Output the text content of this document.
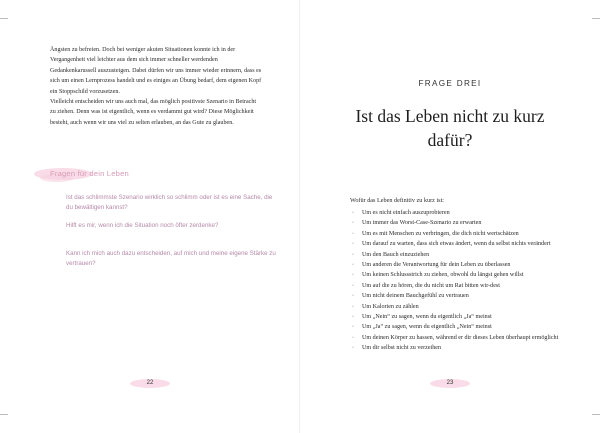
Ängsten zu befreien. Doch bei weniger akuten Situationen konnte ich in der Vergangenheit viel leichter aus dem sich immer schneller werdenden Gedankenkarussell auszusteigen. Dabei dürfen wir uns immer wieder erinnern, dass es sich um einen Lernprozess handelt und es einiges an Übung bedarf, dem eigenen Kopf ein Stoppschild vorzusetzen.

Vielleicht entscheiden wir uns auch mal, das möglich positivste Szenario in Betracht zu ziehen. Denn was ist eigentlich, wenn es verdammt gut wird? Diese Möglichkeit besteht, auch wenn wir uns viel zu selten erlauben, an das Gute zu glauben.

Fragen für dein Leben
Ist das schlimmste Szenario wirklich so schlimm oder ist es eine Sache, die du bewältigen kannst?
Hilft es mir, wenn ich die Situation noch öfter zerdenke?
Kann ich mich auch dazu entscheiden, auf mich und meine eigene Stärke zu vertrauen?
22
FRAGE DREI
Ist das Leben nicht zu kurz dafür?
Wofür das Leben definitiv zu kurz ist:
· Um es nicht einfach auszuprobieren
· Um immer das Worst-Case-Szenario zu erwarten
· Um es mit Menschen zu verbringen, die dich nicht wertschätzen
· Um darauf zu warten, dass sich etwas ändert, wenn du selbst nichts verändert
· Um den Bauch einzuziehen
· Um anderen die Verantwortung für dein Leben zu überlassen
· Um keinen Schlussstrich zu ziehen, obwohl du längst gehen willst
· Um auf die zu hören, die du nicht um Rat bitten wir-dest
· Um nicht deinem Bauchgefühl zu vertrauen
· Um Kalorien zu zählen
· Um „Nein“ zu sagen, wenn du eigentlich „Ja“ meinst
· Um „Ja“ zu sagen, wenn du eigentlich „Nein“ meinst
· Um deinen Körper zu hassen, während er dir dieses Leben überhaupt ermöglicht
· Um dir selbst nicht zu verzeihen
23
